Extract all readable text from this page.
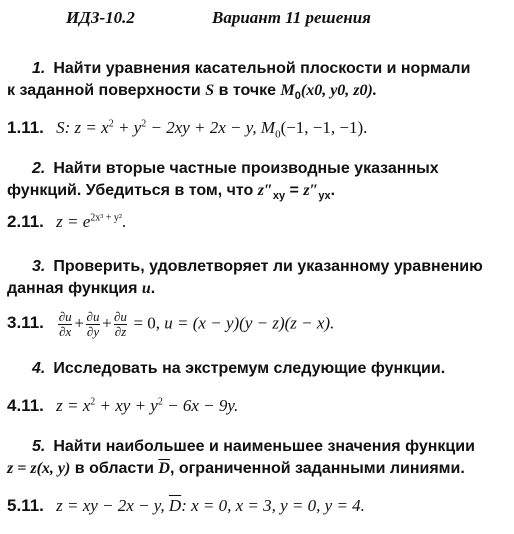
ИДЗ-10.2	Вариант 11 решения
1. Найти уравнения касательной плоскости и нормали
к заданной поверхности S в точке $M_0(x0$, y0, z0).
1.11. S: $z = x^2 + y^2 - 2xy + 2x - y$, $M_0(-1$, −1, −1).
2. Найти вторые частные производные указанных
функций. Убедиться в том, что $z''_{xy} = z''_{yx}$.
2.11. $z = e^{2x^3 + y^2}$.
3. Проверить, удовлетворяет ли указанному уравнению
данная функция u.
3.11. $\frac{\partial u}{\partial x} + \frac{\partial u}{\partial y} + \frac{\partial u}{\partial z} = 0$, u = (x − y)(y − z)(z − x).
4. Исследовать на экстремум следующие функции.
4.11. $z = x^2$ + xy + $y^2 - 6x - 9y$.
5. Найти наибольшее и наименьшее значения функции
z = z(x, y) в области $\overline{D}$, ограниченной заданными линиями.
5.11. z = xy − 2x − y, $\overline{D}$: x = 0, x = 3, y = 0, y = 4.
